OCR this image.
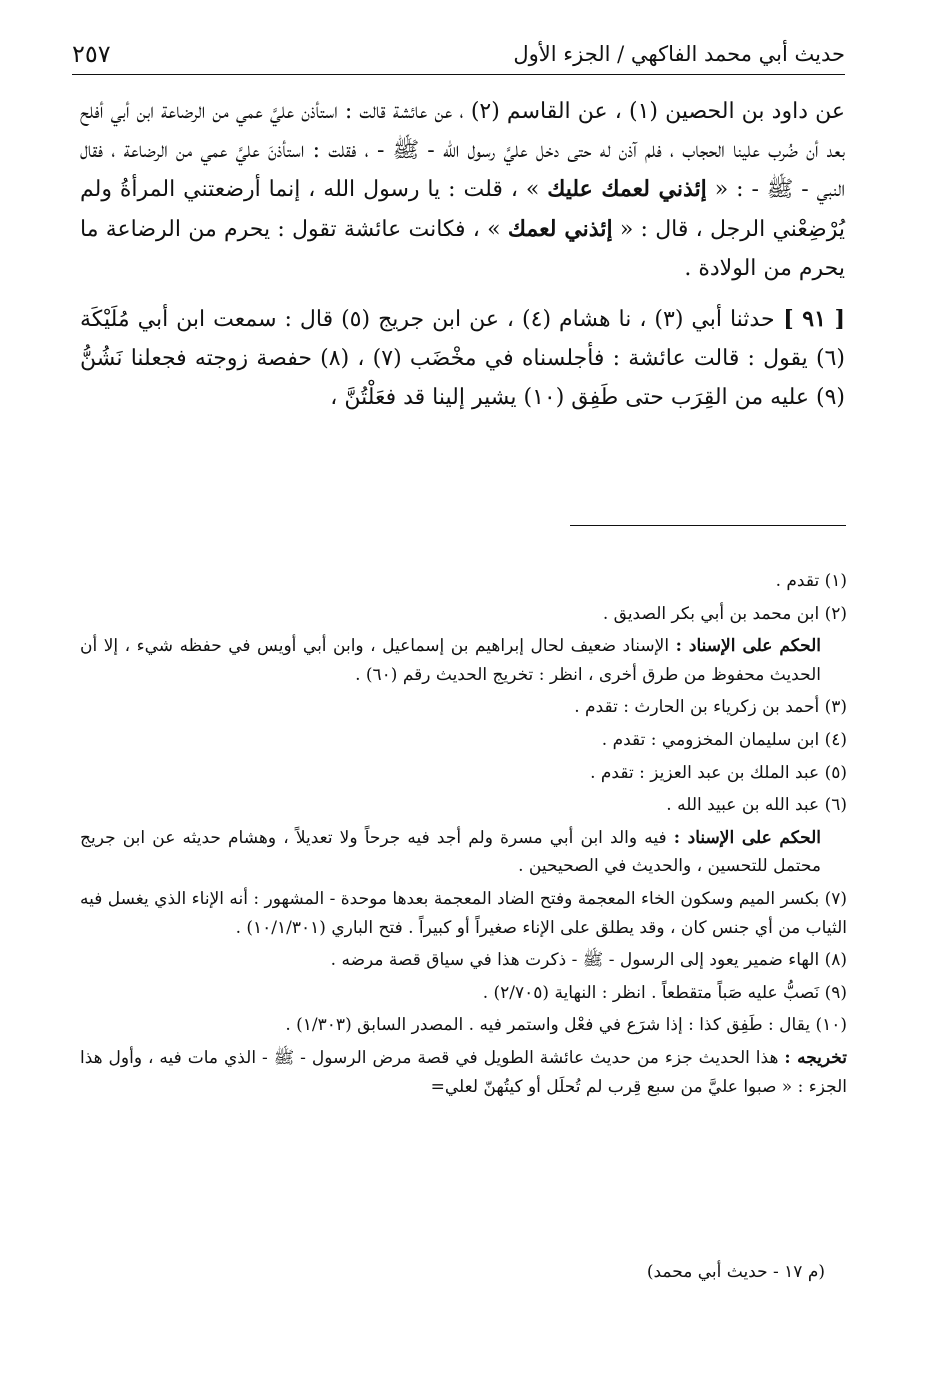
حديث أبي محمد الفاكهي / الجزء الأول
٢٥٧

عن داود بن الحصين (١) ، عن القاسم (٢) ، عن عائشة قالت : استأذن عليَّ عمي من الرضاعة ابن أبي أفلح بعد أن ضُرب علينا الحجاب ، فلم آذن له حتى دخل عليَّ رسول الله - ﷺ - ، فقلت : استأذنَ عليَّ عمي من الرضاعة ، فقال النبي - ﷺ - : « إئذني لعمك عليك » ، قلت : يا رسول الله ، إنما أرضعتني المرأةُ ولم يُرْضِعْني الرجل ، قال : « إئذني لعمك » ، فكانت عائشة تقول : يحرم من الرضاعة ما يحرم من الولادة .

[ ٩١ ] حدثنا أبي (٣) ، نا هشام (٤) ، عن ابن جريج (٥) قال : سمعت ابن أبي مُلَيْكَة (٦) يقول : قالت عائشة : فأجلسناه في مخْضَب (٧) ، (٨) حفصة زوجته فجعلنا نَشُنُّ (٩) عليه من القِرَب حتى طَفِق (١٠) يشير إلينا قد فعَلْتُنَّ ،

(١) تقدم .

(٢) ابن محمد بن أبي بكر الصديق .

الحكم على الإسناد : الإسناد ضعيف لحال إبراهيم بن إسماعيل ، وابن أبي أويس في حفظه شيء ، إلا أن الحديث محفوظ من طرق أخرى ، انظر : تخريج الحديث رقم (٦٠) .

(٣) أحمد بن زكرياء بن الحارث : تقدم .

(٤) ابن سليمان المخزومي : تقدم .

(٥) عبد الملك بن عبد العزيز : تقدم .

(٦) عبد الله بن عبيد الله .

الحكم على الإسناد : فيه والد ابن أبي مسرة ولم أجد فيه جرحاً ولا تعديلاً ، وهشام حديثه عن ابن جريج محتمل للتحسين ، والحديث في الصحيحين .

(٧) بكسر الميم وسكون الخاء المعجمة وفتح الضاد المعجمة بعدها موحدة - المشهور : أنه الإناء الذي يغسل فيه الثياب من أي جنس كان ، وقد يطلق على الإناء صغيراً أو كبيراً . فتح الباري (١٠/١/٣٠١) .

(٨) الهاء ضمير يعود إلى الرسول - ﷺ - ذكرت هذا في سياق قصة مرضه .

(٩) نَصبُّ عليه صَباً متقطعاً . انظر : النهاية (٢/٧٠٥) .

(١٠) يقال : طَفِق كذا : إذا شرَع في فعْل واستمر فيه . المصدر السابق (١/٣٠٣) .

تخريجه : هذا الحديث جزء من حديث عائشة الطويل في قصة مرض الرسول - ﷺ - الذي مات فيه ، وأول هذا الجزء : « صبوا عليَّ من سبع قِرب لم تُحلَل أو كيتُهنّ لعلي=

(م ١٧ - حديث أبي محمد)
